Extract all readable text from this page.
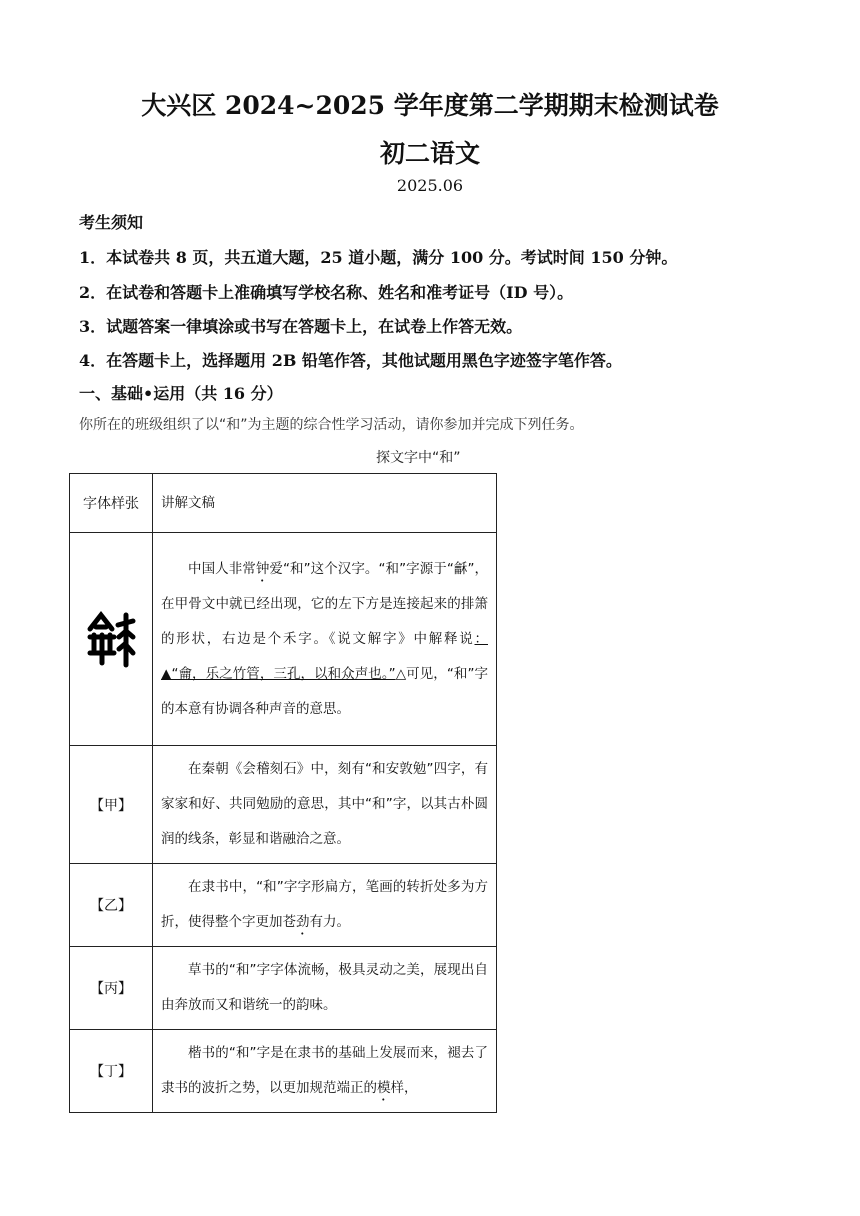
大兴区 2024~2025 学年度第二学期期末检测试卷
初二语文
2025.06
考生须知
1．本试卷共 8 页，共五道大题，25 道小题，满分 100 分。考试时间 150 分钟。
2．在试卷和答题卡上准确填写学校名称、姓名和准考证号（ID 号）。
3．试题答案一律填涂或书写在答题卡上，在试卷上作答无效。
4．在答题卡上，选择题用 2B 铅笔作答，其他试题用黑色字迹签字笔作答。
一、基础•运用（共 16 分）
你所在的班级组织了以“和”为主题的综合性学习活动，请你参加并完成下列任务。
探文字中“和”
字体样张	讲解文稿

中国人非常钟爱“和”这个汉字。“和”字源于“龢”，在甲骨文中就已经出现，它的左下方是连接起来的排箫的形状，右边是个禾字。《说文解字》中解释说：▲“龠，乐之竹管，三孔，以和众声也。”△可见，“和”字的本意有协调各种声音的意思。

【甲】	在秦朝《会稽刻石》中，刻有“和安敦勉”四字，有家家和好、共同勉励的意思，其中“和”字，以其古朴圆润的线条，彰显和谐融洽之意。

【乙】	在隶书中，“和”字字形扁方，笔画的转折处多为方折，使得整个字更加苍劲有力。

【丙】	草书的“和”字字体流畅，极具灵动之美，展现出自由奔放而又和谐统一的韵味。

【丁】	楷书的“和”字是在隶书的基础上发展而来，褪去了隶书的波折之势，以更加规范端正的模样，
